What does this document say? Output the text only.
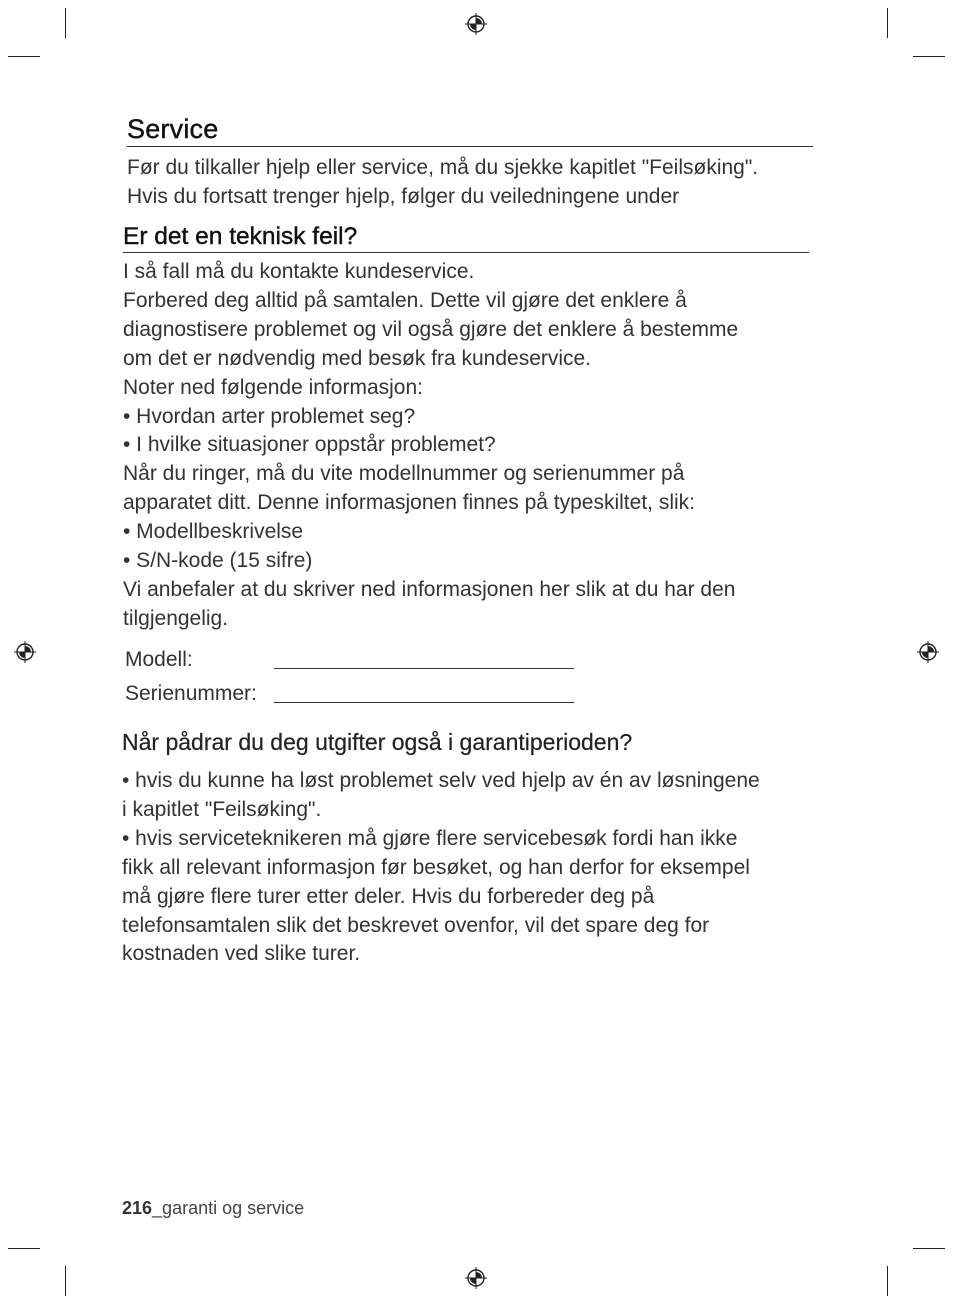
Service
Før du tilkaller hjelp eller service, må du sjekke kapitlet "Feilsøking".
Hvis du fortsatt trenger hjelp, følger du veiledningene under
Er det en teknisk feil?

I så fall må du kontakte kundeservice.

Forbered deg alltid på samtalen. Dette vil gjøre det enklere å

diagnostisere problemet og vil også gjøre det enklere å bestemme

om det er nødvendig med besøk fra kundeservice.

Noter ned følgende informasjon:

• Hvordan arter problemet seg?

• I hvilke situasjoner oppstår problemet?

Når du ringer, må du vite modellnummer og serienummer på

apparatet ditt. Denne informasjonen finnes på typeskiltet, slik:

• Modellbeskrivelse

• S/N-kode (15 sifre)

Vi anbefaler at du skriver ned informasjonen her slik at du har den

tilgjengelig.

Modell:
Serienummer:
Når pådrar du deg utgifter også i garantiperioden?

• hvis du kunne ha løst problemet selv ved hjelp av én av løsningene

i kapitlet "Feilsøking".

• hvis serviceteknikeren må gjøre flere servicebesøk fordi han ikke

fikk all relevant informasjon før besøket, og han derfor for eksempel

må gjøre flere turer etter deler. Hvis du forbereder deg på

telefonsamtalen slik det beskrevet ovenfor, vil det spare deg for

kostnaden ved slike turer.

216_garanti og service
